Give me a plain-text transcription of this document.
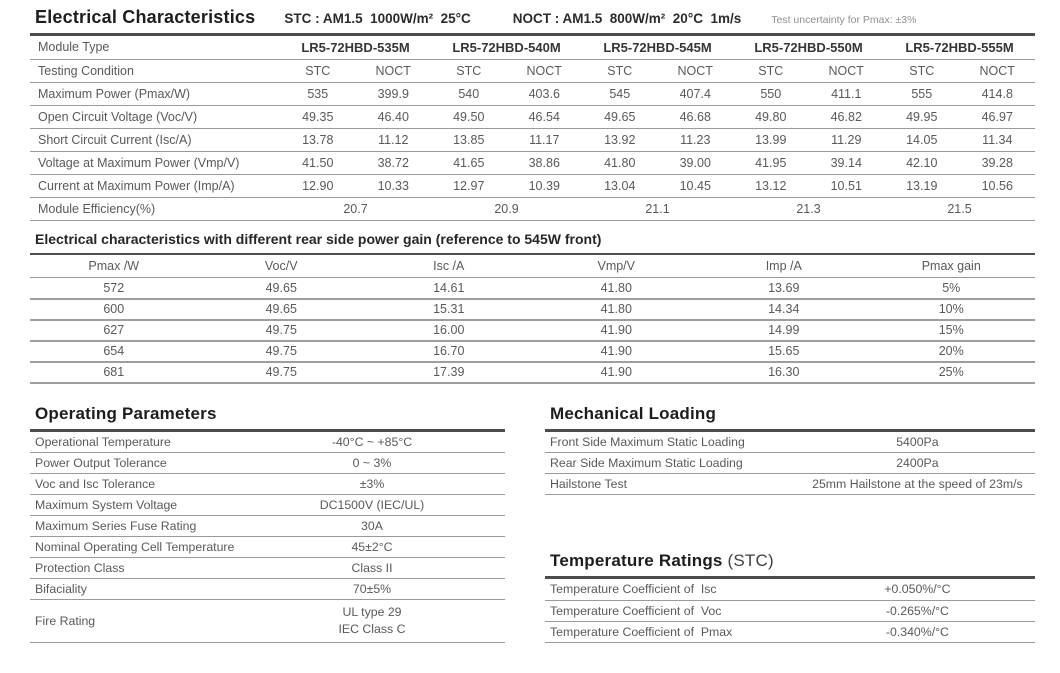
Electrical Characteristics STC : AM1.5  1000W/m²  25°C	NOCT : AM1.5  800W/m²  20°C  1m/s	Test uncertainty for Pmax: ±3%
Module Type	LR5-72HBD-535M		LR5-72HBD-540M		LR5-72HBD-545M		LR5-72HBD-550M		LR5-72HBD-555M	
Testing Condition	STC	NOCT	STC	NOCT	STC	NOCT	STC	NOCT	STC	NOCT
Maximum Power (Pmax/W)	535	399.9	540	403.6	545	407.4	550	411.1	555	414.8
Open Circuit Voltage (Voc/V)	49.35	46.40	49.50	46.54	49.65	46.68	49.80	46.82	49.95	46.97
Short Circuit Current (Isc/A)	13.78	11.12	13.85	11.17	13.92	11.23	13.99	11.29	14.05	11.34
Voltage at Maximum Power (Vmp/V)	41.50	38.72	41.65	38.86	41.80	39.00	41.95	39.14	42.10	39.28
Current at Maximum Power (Imp/A)	12.90	10.33	12.97	10.39	13.04	10.45	13.12	10.51	13.19	10.56
Module Efficiency(%)	20.7		20.9		21.1		21.3		21.5	
Electrical characteristics with different rear side power gain (reference to 545W front)
Pmax /W	Voc/V	Isc /A	Vmp/V	Imp /A	Pmax gain
572	49.65	14.61	41.80	13.69	5%
600	49.65	15.31	41.80	14.34	10%
627	49.75	16.00	41.90	14.99	15%
654	49.75	16.70	41.90	15.65	20%
681	49.75	17.39	41.90	16.30	25%
Operating Parameters
Operational Temperature	-40°C ~ +85°C
Power Output Tolerance	0 ~ 3%
Voc and Isc Tolerance	±3%
Maximum System Voltage	DC1500V (IEC/UL)
Maximum Series Fuse Rating	30A
Nominal Operating Cell Temperature	45±2°C
Protection Class	Class II
Bifaciality	70±5%
Fire Rating	UL type 29
IEC Class C
Mechanical Loading
Front Side Maximum Static Loading	5400Pa
Rear Side Maximum Static Loading	2400Pa
Hailstone Test	25mm Hailstone at the speed of 23m/s
Temperature Ratings (STC)
Temperature Coefficient of  Isc	+0.050%/°C
Temperature Coefficient of  Voc	-0.265%/°C
Temperature Coefficient of  Pmax	-0.340%/°C
